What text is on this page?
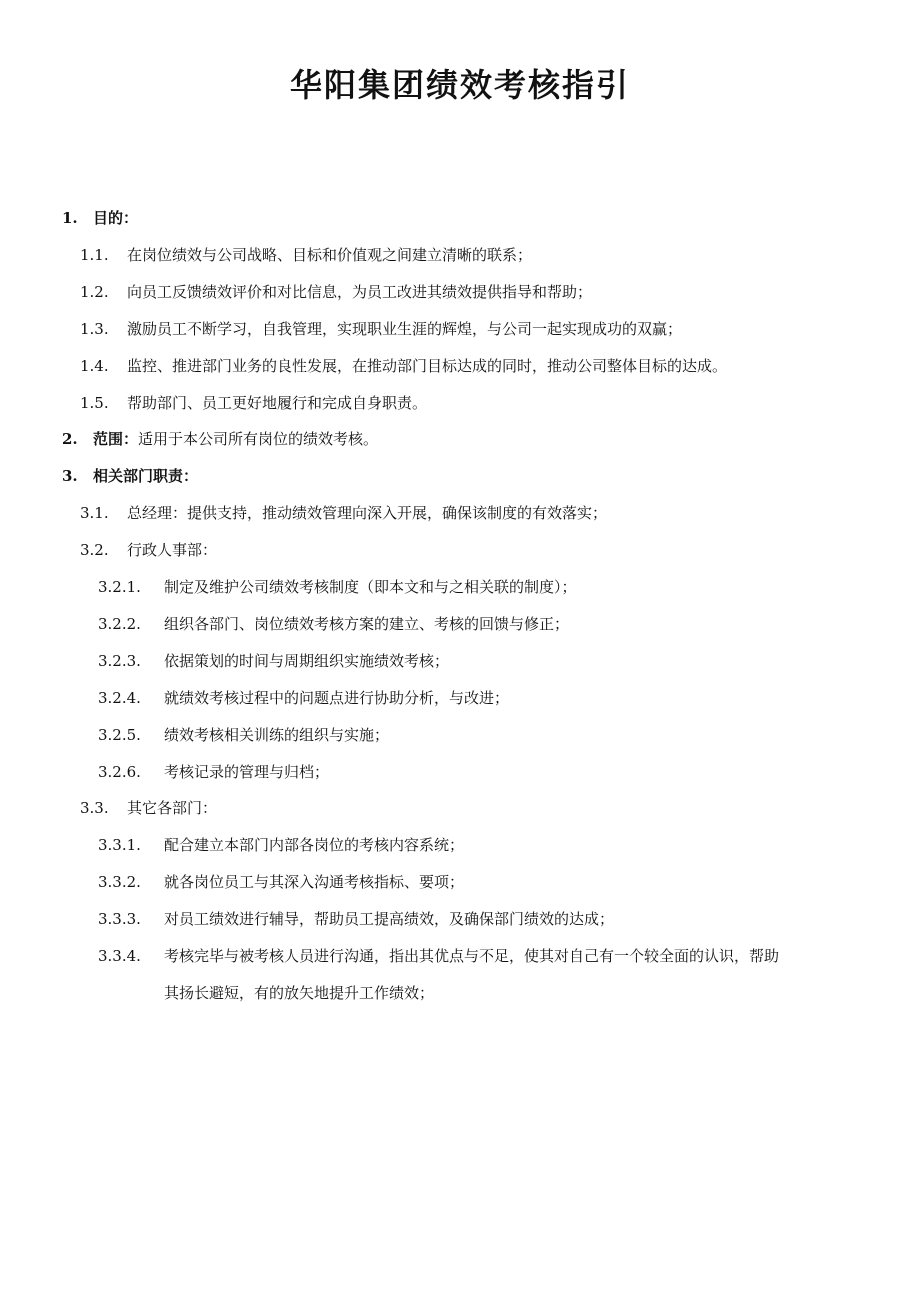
华阳集团绩效考核指引
1. 目的：
1.1. 在岗位绩效与公司战略、目标和价值观之间建立清晰的联系；
1.2. 向员工反馈绩效评价和对比信息，为员工改进其绩效提供指导和帮助；
1.3. 激励员工不断学习，自我管理，实现职业生涯的辉煌，与公司一起实现成功的双赢；
1.4. 监控、推进部门业务的良性发展，在推动部门目标达成的同时，推动公司整体目标的达成。
1.5. 帮助部门、员工更好地履行和完成自身职责。
2. 范围：适用于本公司所有岗位的绩效考核。
3. 相关部门职责：
3.1. 总经理：提供支持，推动绩效管理向深入开展，确保该制度的有效落实；
3.2. 行政人事部：
3.2.1. 制定及维护公司绩效考核制度（即本文和与之相关联的制度）；
3.2.2. 组织各部门、岗位绩效考核方案的建立、考核的回馈与修正；
3.2.3. 依据策划的时间与周期组织实施绩效考核；
3.2.4. 就绩效考核过程中的问题点进行协助分析，与改进；
3.2.5. 绩效考核相关训练的组织与实施；
3.2.6. 考核记录的管理与归档；
3.3. 其它各部门：
3.3.1. 配合建立本部门内部各岗位的考核内容系统；
3.3.2. 就各岗位员工与其深入沟通考核指标、要项；
3.3.3. 对员工绩效进行辅导，帮助员工提高绩效，及确保部门绩效的达成；
3.3.4. 考核完毕与被考核人员进行沟通，指出其优点与不足，使其对自己有一个较全面的认识，帮助
其扬长避短，有的放矢地提升工作绩效；
